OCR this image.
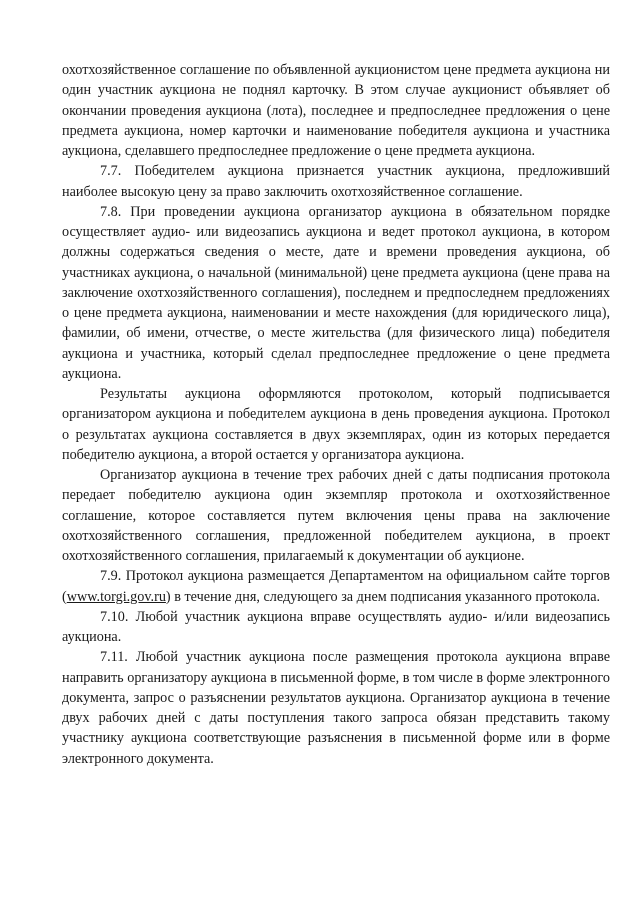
охотхозяйственное соглашение по объявленной аукционистом цене предмета аукциона ни один участник аукциона не поднял карточку. В этом случае аукционист объявляет об окончании проведения аукциона (лота), последнее и предпоследнее предложения о цене предмета аукциона, номер карточки и наименование победителя аукциона и участника аукциона, сделавшего предпоследнее предложение о цене предмета аукциона.

7.7. Победителем аукциона признается участник аукциона, предложивший наиболее высокую цену за право заключить охотхозяйственное соглашение.

7.8. При проведении аукциона организатор аукциона в обязательном порядке осуществляет аудио- или видеозапись аукциона и ведет протокол аукциона, в котором должны содержаться сведения о месте, дате и времени проведения аукциона, об участниках аукциона, о начальной (минимальной) цене предмета аукциона (цене права на заключение охотхозяйственного соглашения), последнем и предпоследнем предложениях о цене предмета аукциона, наименовании и месте нахождения (для юридического лица), фамилии, об имени, отчестве, о месте жительства (для физического лица) победителя аукциона и участника, который сделал предпоследнее предложение о цене предмета аукциона.

Результаты аукциона оформляются протоколом, который подписывается организатором аукциона и победителем аукциона в день проведения аукциона. Протокол о результатах аукциона составляется в двух экземплярах, один из которых передается победителю аукциона, а второй остается у организатора аукциона.

Организатор аукциона в течение трех рабочих дней с даты подписания протокола передает победителю аукциона один экземпляр протокола и охотхозяйственное соглашение, которое составляется путем включения цены права на заключение охотхозяйственного соглашения, предложенной победителем аукциона, в проект охотхозяйственного соглашения, прилагаемый к документации об аукционе.

7.9. Протокол аукциона размещается Департаментом на официальном сайте торгов (www.torgi.gov.ru) в течение дня, следующего за днем подписания указанного протокола.

7.10. Любой участник аукциона вправе осуществлять аудио- и/или видеозапись аукциона.

7.11. Любой участник аукциона после размещения протокола аукциона вправе направить организатору аукциона в письменной форме, в том числе в форме электронного документа, запрос о разъяснении результатов аукциона. Организатор аукциона в течение двух рабочих дней с даты поступления такого запроса обязан представить такому участнику аукциона соответствующие разъяснения в письменной форме или в форме электронного документа.
